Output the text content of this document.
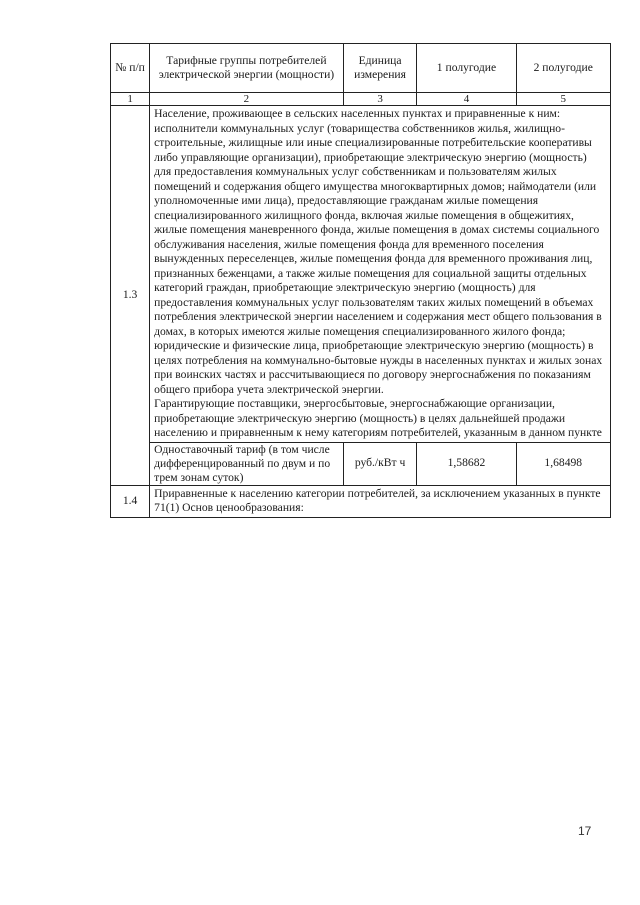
№ п/п	Тарифные группы потребителей электрической энергии (мощности)	Единица измерения	1 полугодие	2 полугодие
1	2	3	4	5
1.3	Население, проживающее в сельских населенных пунктах и приравненные к ним:

исполнители коммунальных услуг (товарищества собственников жилья, жилищно-строительные, жилищные или иные специализированные потребительские кооперативы либо управляющие организации), приобретающие электрическую энергию (мощность) для предоставления коммунальных услуг собственникам и пользователям жилых помещений и содержания общего имущества многоквартирных домов; наймодатели (или уполномоченные ими лица), предоставляющие гражданам жилые помещения специализированного жилищного фонда, включая жилые помещения в общежитиях, жилые помещения маневренного фонда, жилые помещения в домах системы социального обслуживания населения, жилые помещения фонда для временного поселения вынужденных переселенцев, жилые помещения фонда для временного проживания лиц, признанных беженцами, а также жилые помещения для социальной защиты отдельных категорий граждан, приобретающие электрическую энергию (мощность) для предоставления коммунальных услуг пользователям таких жилых помещений в объемах потребления электрической энергии населением и содержания мест общего пользования в домах, в которых имеются жилые помещения специализированного жилого фонда;

юридические и физические лица, приобретающие электрическую энергию (мощность) в целях потребления на коммунально-бытовые нужды в населенных пунктах и жилых зонах при воинских частях и рассчитывающиеся по договору энергоснабжения по показаниям общего прибора учета электрической энергии.

Гарантирующие поставщики, энергосбытовые, энергоснабжающие организации, приобретающие электрическую энергию (мощность) в целях дальнейшей продажи населению и приравненным к нему категориям потребителей, указанным в данном пункте			

	Одноставочный тариф (в том числе дифференцированный по двум и по трем зонам суток)	руб./кВт ч	1,58682	1,68498
1.4	Приравненные к населению категории потребителей, за исключением указанных в пункте 71(1) Основ ценообразования:			
17
